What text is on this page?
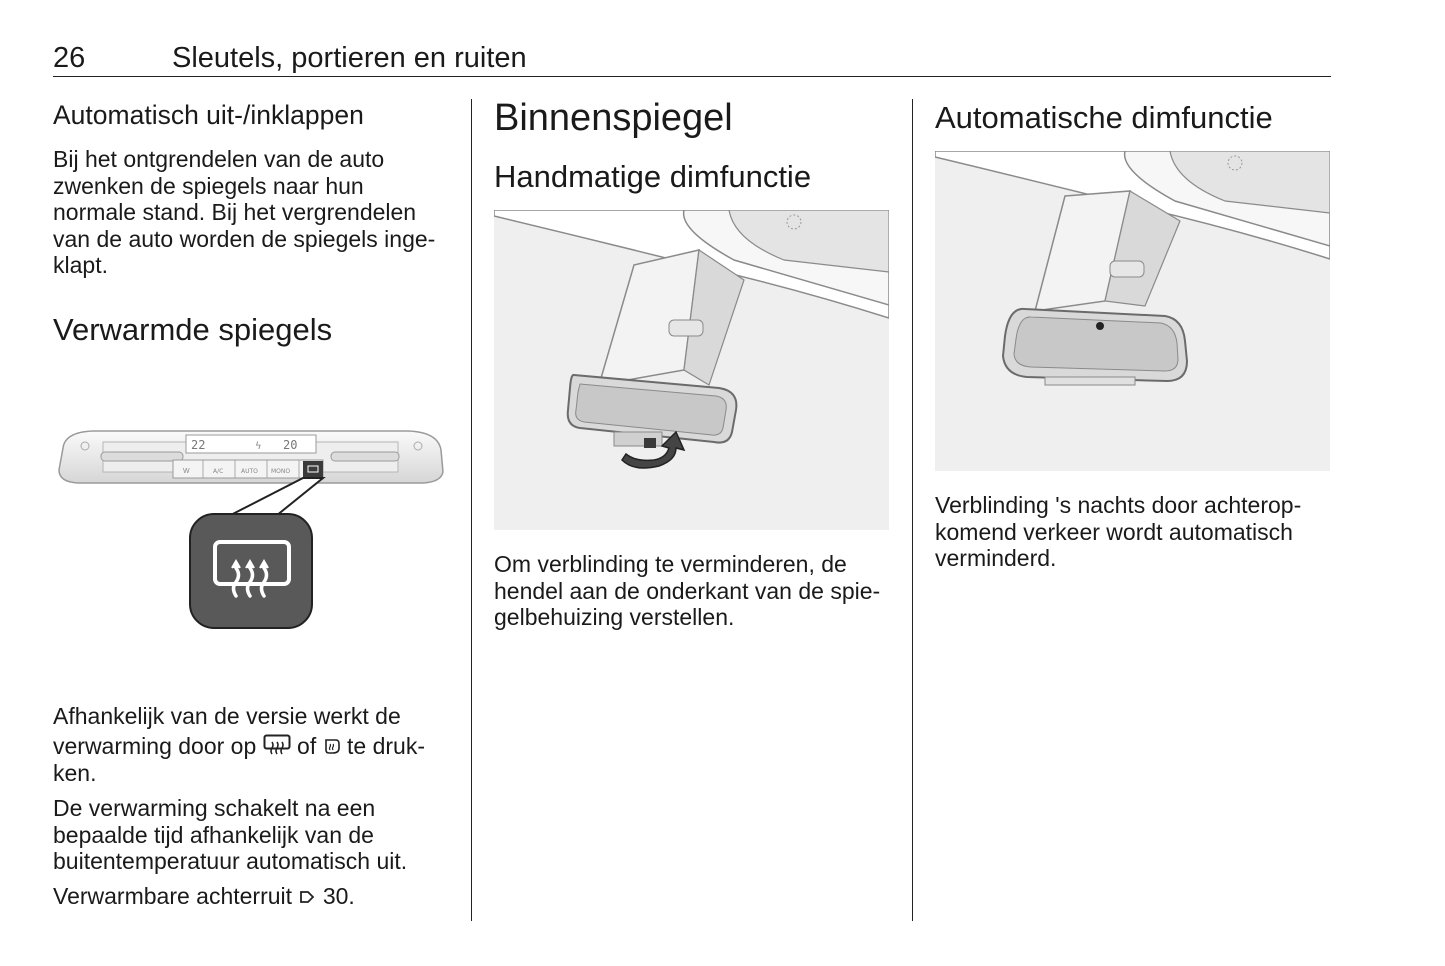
26	Sleutels, portieren en ruiten
Automatisch uit-/inklappen

Bij het ontgrendelen van de auto

zwenken de spiegels naar hun

normale stand. Bij het vergrendelen

van de auto worden de spiegels inge‐

klapt.

Verwarmde spiegels
22	20
ϟ
W	A/C	AUTO MONO

Afhankelijk van de versie werkt de

verwarming door op of te druk‐

ken.

De verwarming schakelt na een

bepaalde tijd afhankelijk van de

buitentemperatuur automatisch uit.

Verwarmbare achterruit 30.

Binnenspiegel
Handmatige dimfunctie

Om verblinding te verminderen, de

hendel aan de onderkant van de spie‐

gelbehuizing verstellen.

Automatische dimfunctie

Verblinding 's nachts door achterop‐

komend verkeer wordt automatisch

verminderd.
